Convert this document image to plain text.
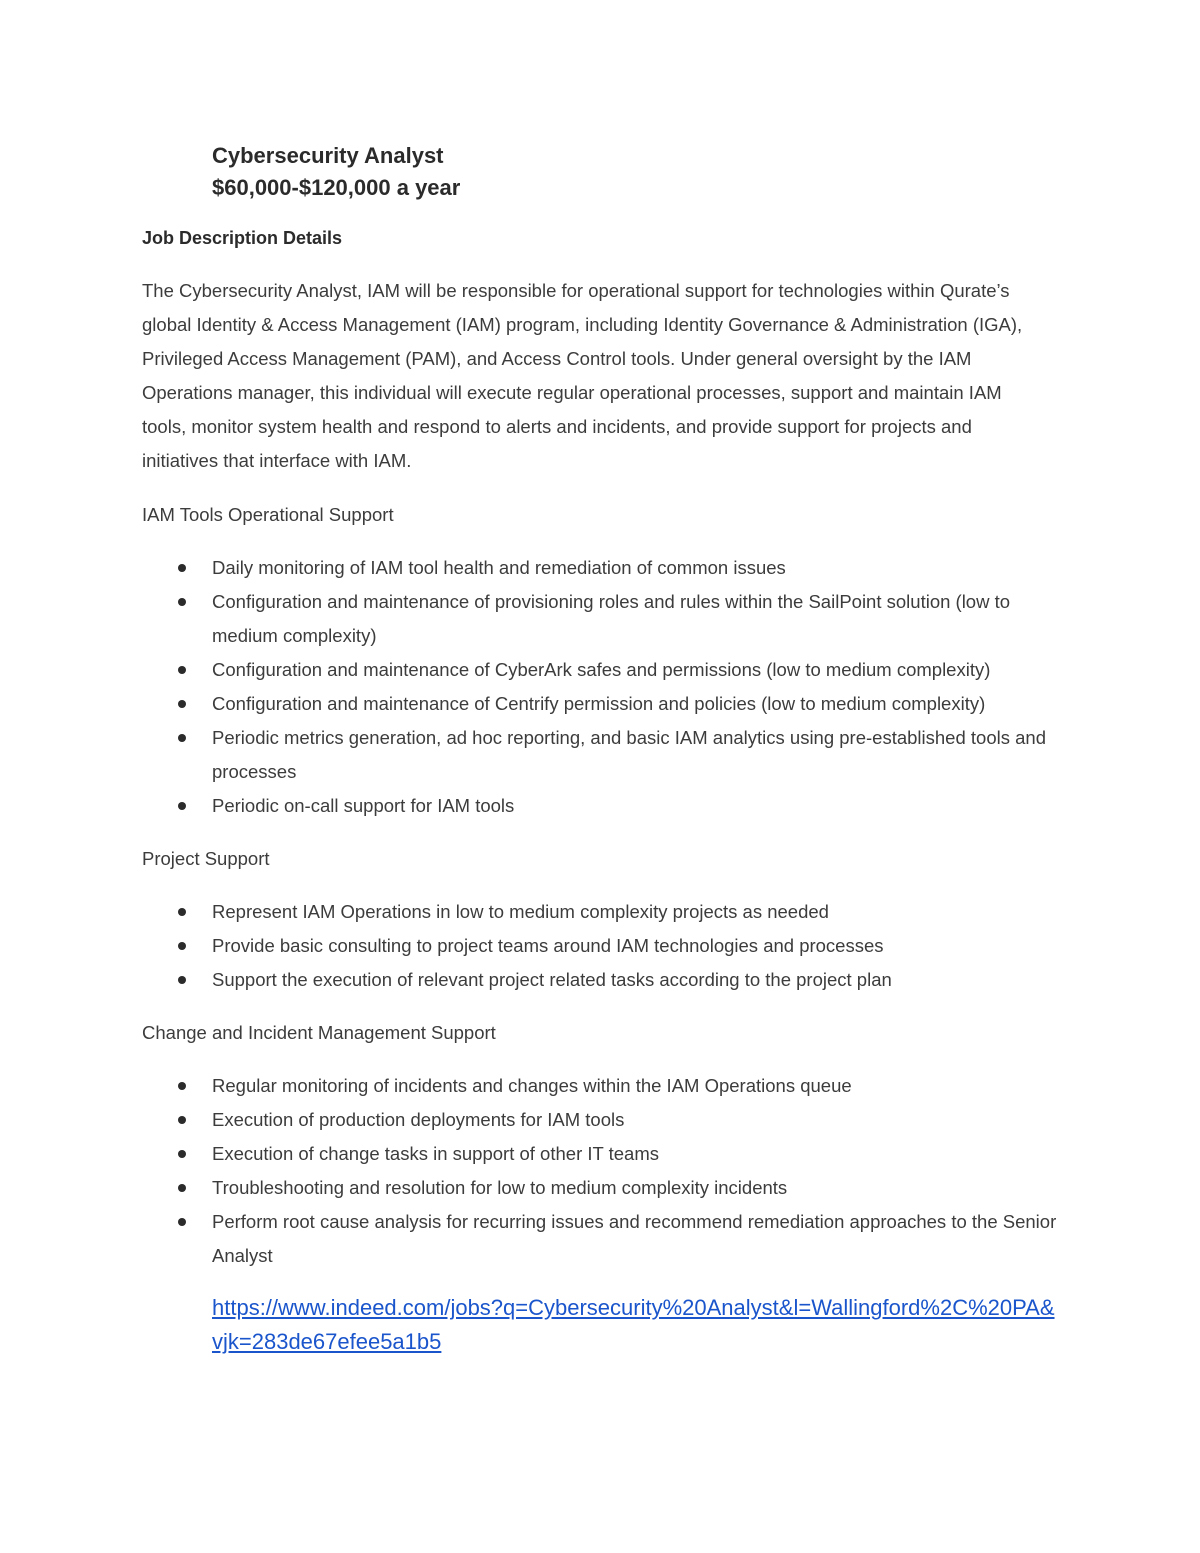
Cybersecurity Analyst
$60,000-$120,000 a year
Job Description Details

The Cybersecurity Analyst, IAM will be responsible for operational support for technologies within Qurate’s global Identity & Access Management (IAM) program, including Identity Governance & Administration (IGA), Privileged Access Management (PAM), and Access Control tools. Under general oversight by the IAM Operations manager, this individual will execute regular operational processes, support and maintain IAM tools, monitor system health and respond to alerts and incidents, and provide support for projects and initiatives that interface with IAM.

IAM Tools Operational Support
Daily monitoring of IAM tool health and remediation of common issues
Configuration and maintenance of provisioning roles and rules within the SailPoint solution (low to medium complexity)
Configuration and maintenance of CyberArk safes and permissions (low to medium complexity)
Configuration and maintenance of Centrify permission and policies (low to medium complexity)
Periodic metrics generation, ad hoc reporting, and basic IAM analytics using pre-established tools and processes
Periodic on-call support for IAM tools
Project Support
Represent IAM Operations in low to medium complexity projects as needed
Provide basic consulting to project teams around IAM technologies and processes
Support the execution of relevant project related tasks according to the project plan
Change and Incident Management Support
Regular monitoring of incidents and changes within the IAM Operations queue
Execution of production deployments for IAM tools
Execution of change tasks in support of other IT teams
Troubleshooting and resolution for low to medium complexity incidents
Perform root cause analysis for recurring issues and recommend remediation approaches to the Senior Analyst
https://www.indeed.com/jobs?q=Cybersecurity%20Analyst&l=Wallingford%2C%20PA&vjk=283de67efee5a1b5
